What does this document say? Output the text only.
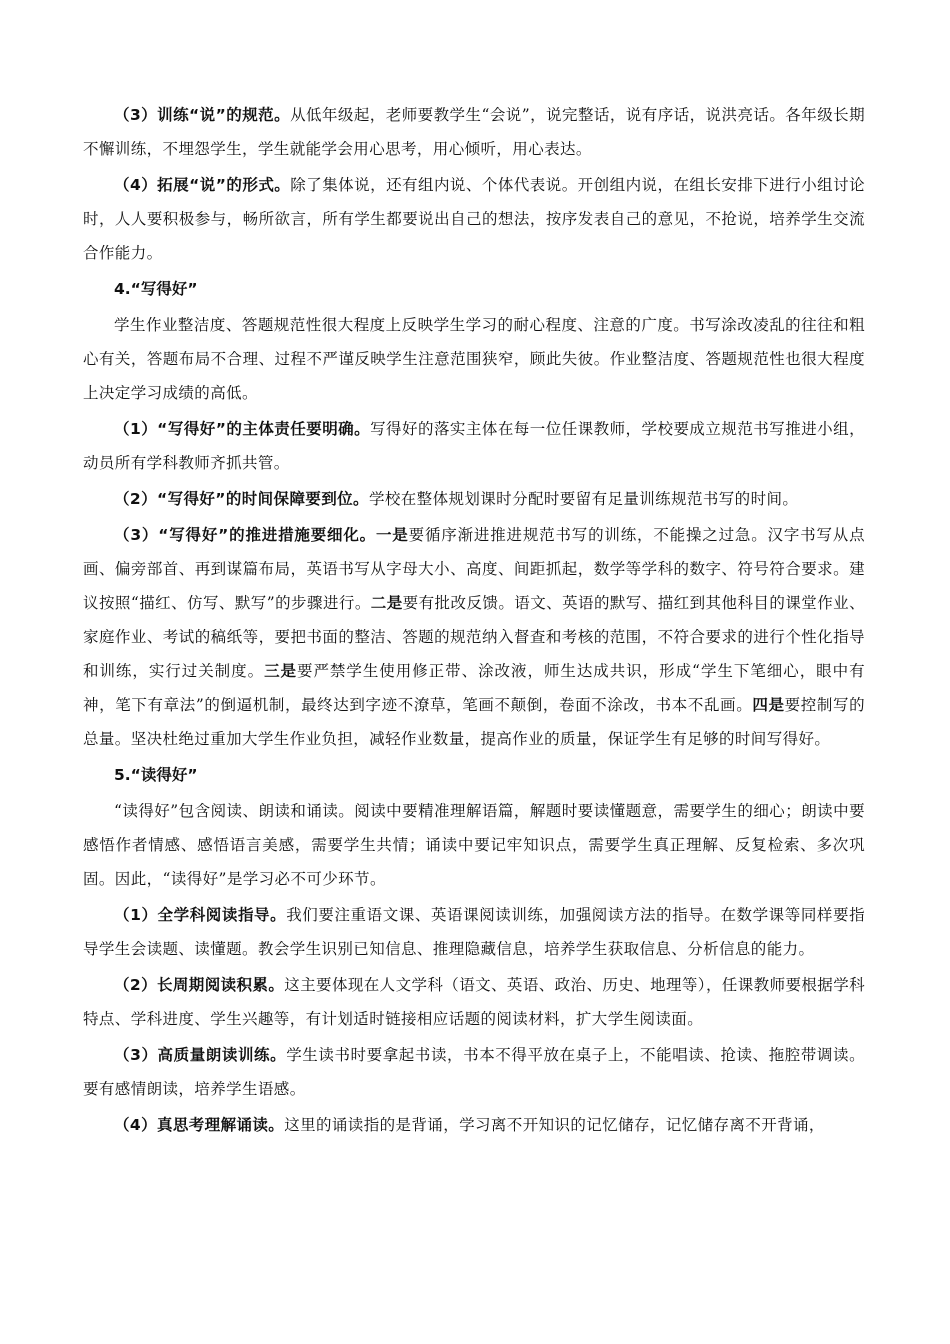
（3）训练“说”的规范。从低年级起，老师要教学生“会说”，说完整话，说有序话，说洪亮话。各年级长期不懈训练，不埋怨学生，学生就能学会用心思考，用心倾听，用心表达。

（4）拓展“说”的形式。除了集体说，还有组内说、个体代表说。开创组内说，在组长安排下进行小组讨论时，人人要积极参与，畅所欲言，所有学生都要说出自己的想法，按序发表自己的意见，不抢说，培养学生交流合作能力。

4.“写得好”

学生作业整洁度、答题规范性很大程度上反映学生学习的耐心程度、注意的广度。书写涂改凌乱的往往和粗心有关，答题布局不合理、过程不严谨反映学生注意范围狭窄，顾此失彼。作业整洁度、答题规范性也很大程度上决定学习成绩的高低。

（1）“写得好”的主体责任要明确。写得好的落实主体在每一位任课教师，学校要成立规范书写推进小组，动员所有学科教师齐抓共管。

（2）“写得好”的时间保障要到位。学校在整体规划课时分配时要留有足量训练规范书写的时间。

（3）“写得好”的推进措施要细化。一是要循序渐进推进规范书写的训练，不能操之过急。汉字书写从点画、偏旁部首、再到谋篇布局，英语书写从字母大小、高度、间距抓起，数学等学科的数字、符号符合要求。建议按照“描红、仿写、默写”的步骤进行。二是要有批改反馈。语文、英语的默写、描红到其他科目的课堂作业、家庭作业、考试的稿纸等，要把书面的整洁、答题的规范纳入督查和考核的范围，不符合要求的进行个性化指导和训练，实行过关制度。三是要严禁学生使用修正带、涂改液，师生达成共识，形成“学生下笔细心，眼中有神，笔下有章法”的倒逼机制，最终达到字迹不潦草，笔画不颠倒，卷面不涂改，书本不乱画。四是要控制写的总量。坚决杜绝过重加大学生作业负担，减轻作业数量，提高作业的质量，保证学生有足够的时间写得好。

5.“读得好”

“读得好”包含阅读、朗读和诵读。阅读中要精准理解语篇，解题时要读懂题意，需要学生的细心；朗读中要感悟作者情感、感悟语言美感，需要学生共情；诵读中要记牢知识点，需要学生真正理解、反复检索、多次巩固。因此，“读得好”是学习必不可少环节。

（1）全学科阅读指导。我们要注重语文课、英语课阅读训练，加强阅读方法的指导。在数学课等同样要指导学生会读题、读懂题。教会学生识别已知信息、推理隐藏信息，培养学生获取信息、分析信息的能力。

（2）长周期阅读积累。这主要体现在人文学科（语文、英语、政治、历史、地理等），任课教师要根据学科特点、学科进度、学生兴趣等，有计划适时链接相应话题的阅读材料，扩大学生阅读面。

（3）高质量朗读训练。学生读书时要拿起书读，书本不得平放在桌子上，不能唱读、抢读、拖腔带调读。要有感情朗读，培养学生语感。

（4）真思考理解诵读。这里的诵读指的是背诵，学习离不开知识的记忆储存，记忆储存离不开背诵，
